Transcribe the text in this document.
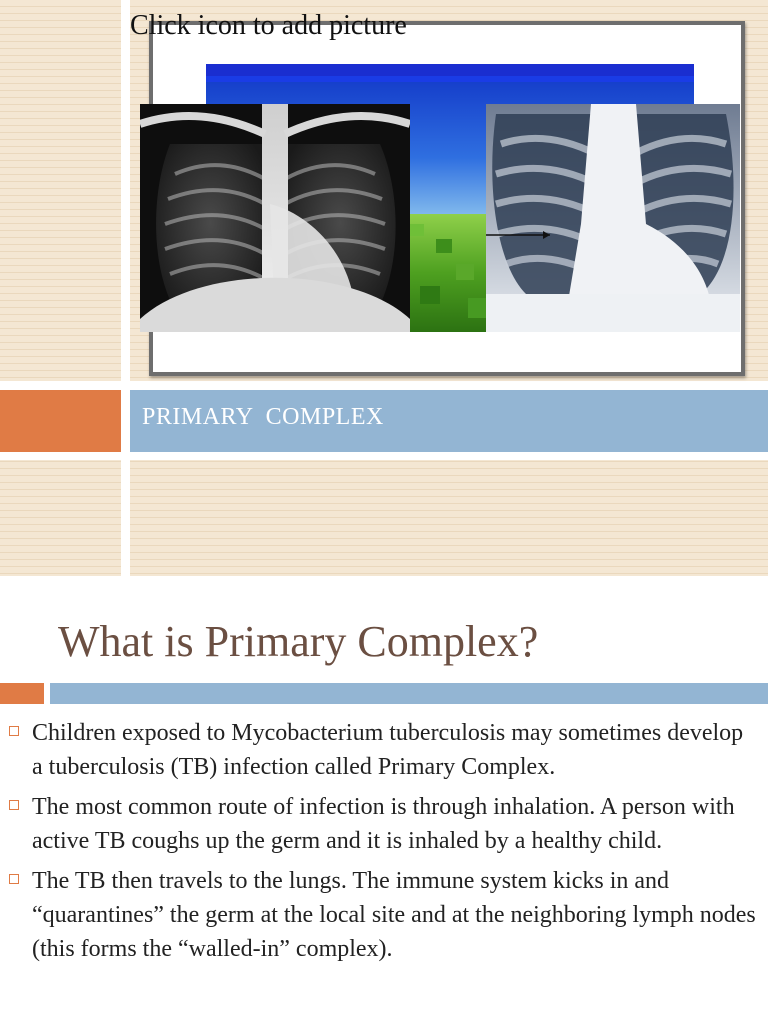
PRIMARY  COMPLEX
Click icon to add picture
What is Primary Complex?
Children exposed to Mycobacterium tuberculosis may sometimes develop a tuberculosis (TB) infection called Primary Complex.
The most common route of infection is through inhalation. A person with active TB coughs up the germ and it is inhaled by a healthy child.
The TB then travels to the lungs. The immune system kicks in and “quarantines” the germ at the local site and at the neighboring lymph nodes (this forms the “walled-in” complex).
